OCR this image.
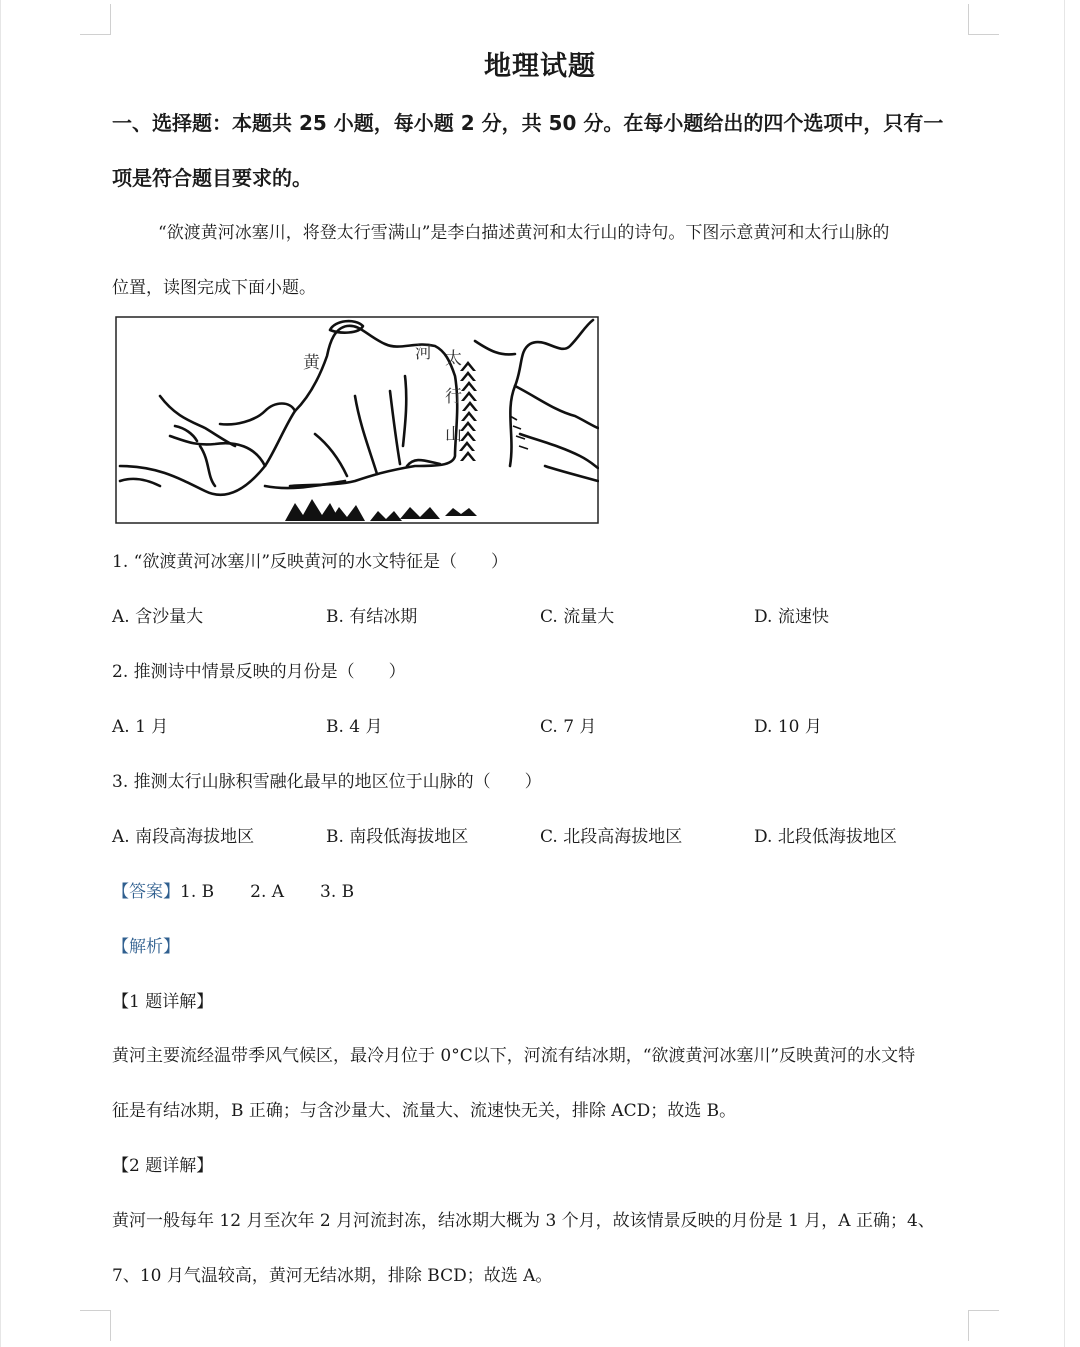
地理试题
一、选择题：本题共 25 小题，每小题 2 分，共 50 分。在每小题给出的四个选项中，只有一
项是符合题目要求的。
“欲渡黄河冰塞川，将登太行雪满山”是李白描述黄河和太行山的诗句。下图示意黄河和太行山脉的
位置，读图完成下面小题。
黄	河 太
行
山
1. “欲渡黄河冰塞川”反映黄河的水文特征是（　　）
A. 含沙量大	B. 有结冰期	C. 流量大	D. 流速快
2. 推测诗中情景反映的月份是（　　）
A. 1 月	B. 4 月	C. 7 月	D. 10 月
3. 推测太行山脉积雪融化最早的地区位于山脉的（　　）
A. 南段高海拔地区	B. 南段低海拔地区	C. 北段高海拔地区	D. 北段低海拔地区
【答案】1. B 2. A 3. B
【解析】
【1 题详解】
黄河主要流经温带季风气候区，最冷月位于 0°C以下，河流有结冰期，“欲渡黄河冰塞川”反映黄河的水文特
征是有结冰期，B 正确；与含沙量大、流量大、流速快无关，排除 ACD；故选 B。
【2 题详解】
黄河一般每年 12 月至次年 2 月河流封冻，结冰期大概为 3 个月，故该情景反映的月份是 1 月，A 正确；4、
7、10 月气温较高，黄河无结冰期，排除 BCD；故选 A。
